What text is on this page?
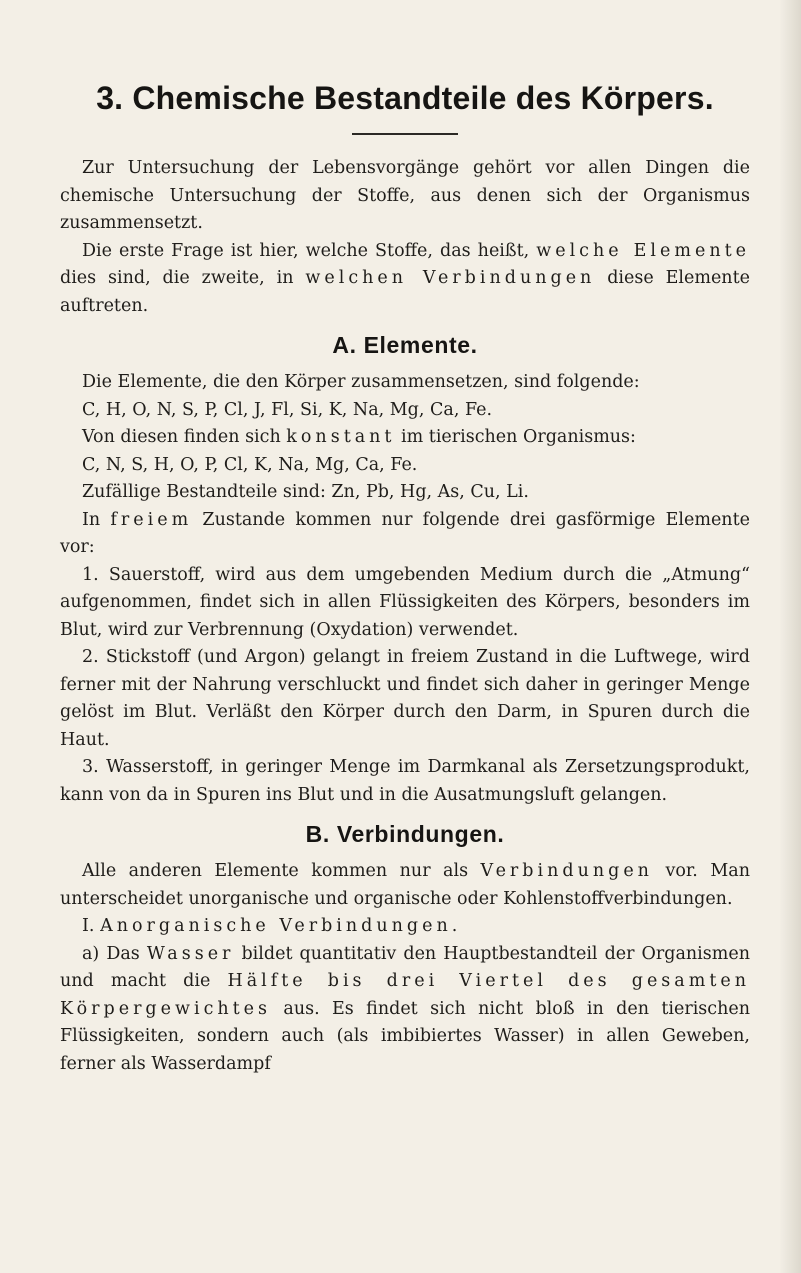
3. Chemische Bestandteile des Körpers.

Zur Untersuchung der Lebensvorgänge gehört vor allen Dingen die chemische Untersuchung der Stoffe, aus denen sich der Organismus zusammensetzt.

Die erste Frage ist hier, welche Stoffe, das heißt, welche Elemente dies sind, die zweite, in welchen Verbindungen diese Elemente auftreten.

A. Elemente.

Die Elemente, die den Körper zusammensetzen, sind folgende:

C, H, O, N, S, P, Cl, J, Fl, Si, K, Na, Mg, Ca, Fe.

Von diesen finden sich konstant im tierischen Organismus:

C, N, S, H, O, P, Cl, K, Na, Mg, Ca, Fe.

Zufällige Bestandteile sind: Zn, Pb, Hg, As, Cu, Li.

In freiem Zustande kommen nur folgende drei gasförmige Elemente vor:

1. Sauerstoff, wird aus dem umgebenden Medium durch die „Atmung“ aufgenommen, findet sich in allen Flüssigkeiten des Körpers, besonders im Blut, wird zur Verbrennung (Oxydation) verwendet.

2. Stickstoff (und Argon) gelangt in freiem Zustand in die Luftwege, wird ferner mit der Nahrung verschluckt und findet sich daher in geringer Menge gelöst im Blut. Verläßt den Körper durch den Darm, in Spuren durch die Haut.

3. Wasserstoff, in geringer Menge im Darmkanal als Zersetzungsprodukt, kann von da in Spuren ins Blut und in die Ausatmungsluft gelangen.

B. Verbindungen.

Alle anderen Elemente kommen nur als Verbindungen vor. Man unterscheidet unorganische und organische oder Kohlenstoffverbindungen.

I. Anorganische Verbindungen.

a) Das Wasser bildet quantitativ den Hauptbestandteil der Organismen und macht die Hälfte bis drei Viertel des gesamten Körpergewichtes aus. Es findet sich nicht bloß in den tierischen Flüssigkeiten, sondern auch (als imbibiertes Wasser) in allen Geweben, ferner als Wasserdampf
